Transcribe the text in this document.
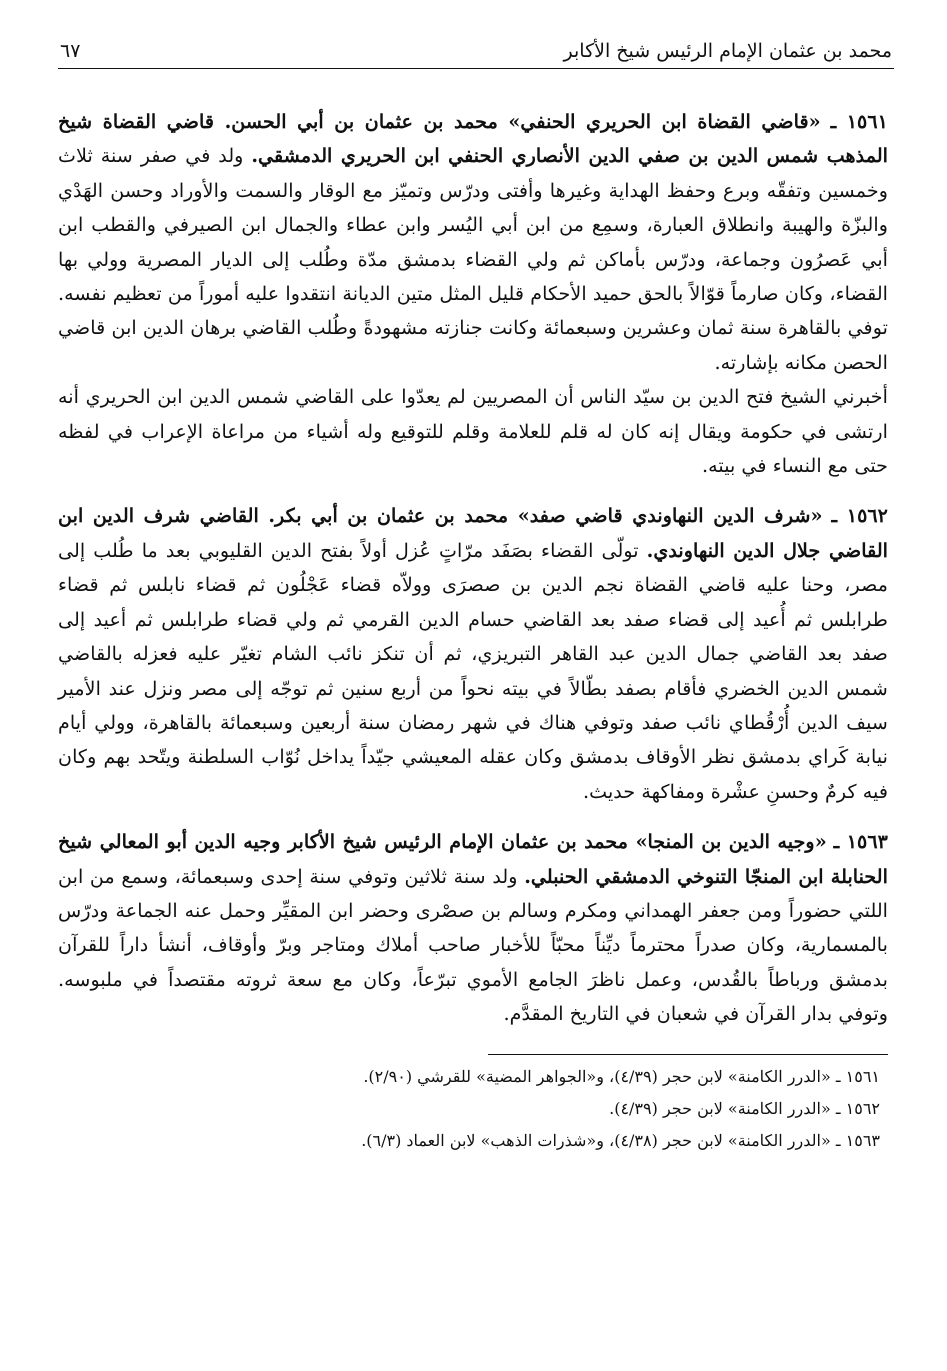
محمد بن عثمان الإمام الرئيس شيخ الأكابر
٦٧

١٥٦١ ـ «قاضي القضاة ابن الحريري الحنفي» محمد بن عثمان بن أبي الحسن. قاضي القضاة شيخ المذهب شمس الدين بن صفي الدين الأنصاري الحنفي ابن الحريري الدمشقي. ولد في صفر سنة ثلاث وخمسين وتفقّه وبرع وحفظ الهداية وغيرها وأفتى ودرّس وتميّز مع الوقار والسمت والأوراد وحسن الهَدْي والبزّة والهيبة وانطلاق العبارة، وسمِع من ابن أبي اليُسر وابن عطاء والجمال ابن الصيرفي والقطب ابن أبي عَصرُون وجماعة، ودرّس بأماكن ثم ولي القضاء بدمشق مدّة وطُلب إلى الديار المصرية وولي بها القضاء، وكان صارماً قوّالاً بالحق حميد الأحكام قليل المثل متين الديانة انتقدوا عليه أموراً من تعظيم نفسه. توفي بالقاهرة سنة ثمان وعشرين وسبعمائة وكانت جنازته مشهودةً وطُلب القاضي برهان الدين ابن قاضي الحصن مكانه بإشارته.
أخبرني الشيخ فتح الدين بن سيّد الناس أن المصريين لم يعدّوا على القاضي شمس الدين ابن الحريري أنه ارتشى في حكومة ويقال إنه كان له قلم للعلامة وقلم للتوقيع وله أشياء من مراعاة الإعراب في لفظه حتى مع النساء في بيته.

١٥٦٢ ـ «شرف الدين النهاوندي قاضي صفد» محمد بن عثمان بن أبي بكر. القاضي شرف الدين ابن القاضي جلال الدين النهاوندي. تولّى القضاء بصَفَد مرّاتٍ عُزل أولاً بفتح الدين القليوبي بعد ما طُلب إلى مصر، وحنا عليه قاضي القضاة نجم الدين بن صصرَى وولاّه قضاء عَجْلُون ثم قضاء نابلس ثم قضاء طرابلس ثم أُعيد إلى قضاء صفد بعد القاضي حسام الدين القرمي ثم ولي قضاء طرابلس ثم أعيد إلى صفد بعد القاضي جمال الدين عبد القاهر التبريزي، ثم أن تنكز نائب الشام تغيّر عليه فعزله بالقاضي شمس الدين الخضري فأقام بصفد بطّالاً في بيته نحواً من أربع سنين ثم توجّه إلى مصر ونزل عند الأمير سيف الدين أُرْقُطاي نائب صفد وتوفي هناك في شهر رمضان سنة أربعين وسبعمائة بالقاهرة، وولي أيام نيابة كَراي بدمشق نظر الأوقاف بدمشق وكان عقله المعيشي جيّداً يداخل نُوّاب السلطنة ويتّحد بهم وكان فيه كرمٌ وحسنِ عشْرة ومفاكهة حديث.

١٥٦٣ ـ «وجيه الدين بن المنجا» محمد بن عثمان الإمام الرئيس شيخ الأكابر وجيه الدين أبو المعالي شيخ الحنابلة ابن المنجّا التنوخي الدمشقي الحنبلي. ولد سنة ثلاثين وتوفي سنة إحدى وسبعمائة، وسمع من ابن اللتي حضوراً ومن جعفر الهمداني ومكرم وسالم بن صصْرى وحضر ابن المقيِّر وحمل عنه الجماعة ودرّس بالمسمارية، وكان صدراً محترماً ديِّناً محبّاً للأخبار صاحب أملاك ومتاجر وبرّ وأوقاف، أنشأ داراً للقرآن بدمشق ورباطاً بالقُدس، وعمل ناظرَ الجامع الأموي تبرّعاً، وكان مع سعة ثروته مقتصداً في ملبوسه. وتوفي بدار القرآن في شعبان في التاريخ المقدَّم.

١٥٦١ ـ «الدرر الكامنة» لابن حجر (٤/٣٩)، و«الجواهر المضية» للقرشي (٢/٩٠).

١٥٦٢ ـ «الدرر الكامنة» لابن حجر (٤/٣٩).

١٥٦٣ ـ «الدرر الكامنة» لابن حجر (٤/٣٨)، و«شذرات الذهب» لابن العماد (٦/٣).
